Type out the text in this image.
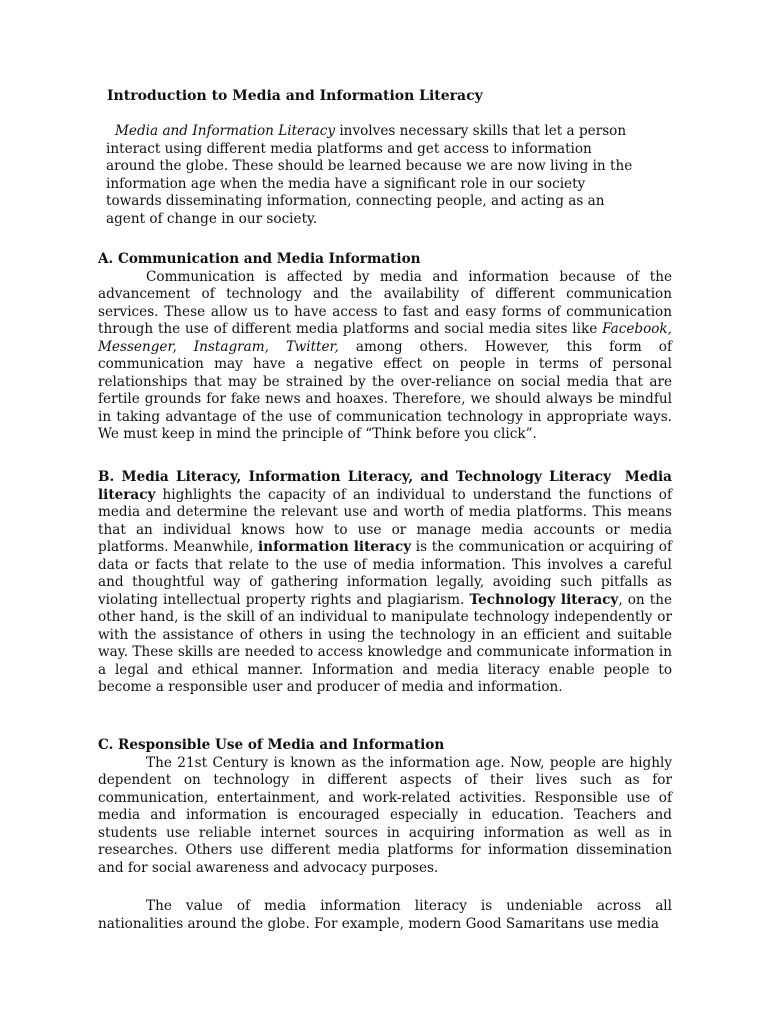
Introduction to Media and Information Literacy

Media and Information Literacy involves necessary skills that let a person interact using different media platforms and get access to information around the globe. These should be learned because we are now living in the information age when the media have a significant role in our society towards disseminating information, connecting people, and acting as an agent of change in our society.

A. Communication and Media Information

Communication is affected by media and information because of the advancement of technology and the availability of different communication services. These allow us to have access to fast and easy forms of communication through the use of different media platforms and social media sites like Facebook, Messenger, Instagram, Twitter, among others. However, this form of communication may have a negative effect on people in terms of personal relationships that may be strained by the over-reliance on social media that are fertile grounds for fake news and hoaxes. Therefore, we should always be mindful in taking advantage of the use of communication technology in appropriate ways. We must keep in mind the principle of “Think before you click”.

B. Media Literacy, Information Literacy, and Technology Literacy Media literacy highlights the capacity of an individual to understand the functions of media and determine the relevant use and worth of media platforms. This means that an individual knows how to use or manage media accounts or media platforms. Meanwhile, information literacy is the communication or acquiring of data or facts that relate to the use of media information. This involves a careful and thoughtful way of gathering information legally, avoiding such pitfalls as violating intellectual property rights and plagiarism. Technology literacy, on the other hand, is the skill of an individual to manipulate technology independently or with the assistance of others in using the technology in an efficient and suitable way. These skills are needed to access knowledge and communicate information in a legal and ethical manner. Information and media literacy enable people to become a responsible user and producer of media and information.

C. Responsible Use of Media and Information

The 21st Century is known as the information age. Now, people are highly dependent on technology in different aspects of their lives such as for communication, entertainment, and work-related activities. Responsible use of media and information is encouraged especially in education. Teachers and students use reliable internet sources in acquiring information as well as in researches. Others use different media platforms for information dissemination and for social awareness and advocacy purposes.

The value of media information literacy is undeniable across all nationalities around the globe. For example, modern Good Samaritans use media
